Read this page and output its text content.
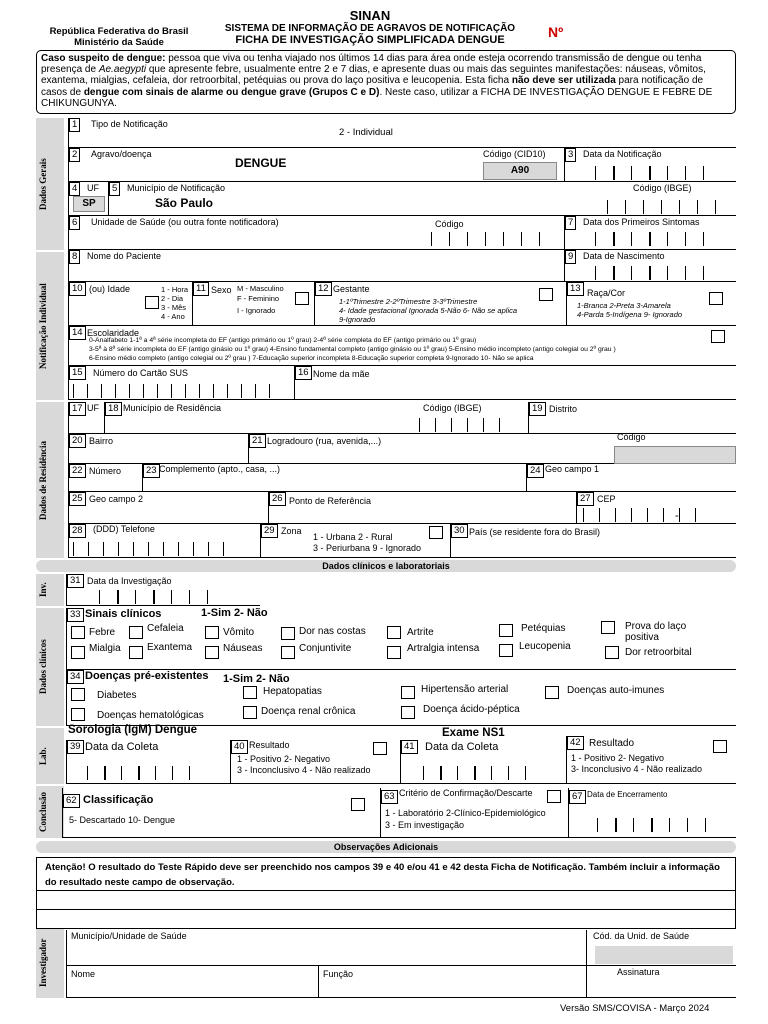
República Federativa do Brasil
Ministério da Saúde
SINAN
SISTEMA DE INFORMAÇÃO DE AGRAVOS DE NOTIFICAÇÃO
FICHA DE INVESTIGAÇÃO SIMPLIFICADA DENGUE	Nº
Caso suspeito de dengue: pessoa que viva ou tenha viajado nos últimos 14 dias para área onde esteja ocorrendo transmissão de dengue ou tenha presença de Ae.aegypti que apresente febre, usualmente entre 2 e 7 dias, e apresente duas ou mais das seguintes manifestações: náuseas, vômitos, exantema, mialgias, cefaleia, dor retroorbital, petéquias ou prova do laço positiva e leucopenia. Esta ficha não deve ser utilizada para notificação de casos de dengue com sinais de alarme ou dengue grave (Grupos C e D). Neste caso, utilizar a FICHA DE INVESTIGAÇÃO DENGUE E FEBRE DE CHIKUNGUNYA.
Dados Gerais
Notificação Individual
Dados de Residência
Dados clínicos e laboratoriais
Inv.
Dados clínicos
Lab.
Conclusão
Observações Adicionais
Investigador
1	Tipo de Notificação
2 - Individual
2	Agravo/doença
DENGUE
Código (CID10)
A90
3	Data da Notificação
4	UF
SP
5	Município de Notificação
São Paulo
Código (IBGE)
6	Unidade de Saúde (ou outra fonte notificadora)	Código	7	Data dos Primeiros Sintomas
8	Nome do Paciente	9	Data de Nascimento
10 (ou) Idade	1 - Hora
2 - Dia
3 - Mês
4 - Ano
11 Sexo M - Masculino
F - Feminino
I - Ignorado
12 Gestante
1-1ºTrimestre 2-2ºTrimestre 3-3ºTrimestre
4- Idade gestacional Ignorada 5-Não 6- Não se aplica
9-Ignorado
13 Raça/Cor
1-Branca 2-Preta 3-Amarela
4-Parda 5-Indígena 9- Ignorado
14 Escolaridade
0-Analfabeto 1-1ª a 4ª série incompleta do EF (antigo primário ou 1º grau) 2-4ª série completa do EF (antigo primário ou 1º grau)
3-5ª à 8ª série incompleta do EF (antigo ginásio ou 1º grau) 4-Ensino fundamental completo (antigo ginásio ou 1º grau) 5-Ensino médio incompleto (antigo colegial ou 2º grau )
6-Ensino médio completo (antigo colegial ou 2º grau ) 7-Educação superior incompleta 8-Educação superior completa 9-Ignorado 10- Não se aplica
15	Número do Cartão SUS	16 Nome da mãe
17 UF 18 Município de Residência	Código (IBGE)	19 Distrito
20 Bairro	21 Logradouro (rua, avenida,...)	Código
22 Número	23 Complemento (apto., casa, ...)	24 Geo campo 1
25 Geo campo 2	26 Ponto de Referência	27 CEP
-
28	(DDD) Telefone	29 Zona
1 - Urbana 2 - Rural
3 - Periurbana 9 - Ignorado
30 País (se residente fora do Brasil)
31 Data da Investigação
33 Sinais clínicos	1-Sim 2- Não
Febre	Cefaleia	Vômito	Dor nas costas	Artrite	Petéquias	Prova do laço positiva
Mialgia	Exantema	Náuseas	Conjuntivite	Artralgia intensa	Leucopenia
Dor retroorbital
34 Doenças pré-existentes 1-Sim 2- Não
Diabetes	Hepatopatias	Hipertensão arterial	Doenças auto-imunes
Doenças hematológicas	Doença renal crônica	Doença ácido-péptica
Sorologia (IgM) Dengue	Exame NS1
39 Data da Coleta	40 Resultado
1 - Positivo 2- Negativo
3 - Inconclusivo 4 - Não realizado
41 Data da Coleta	42 Resultado
1 - Positivo 2- Negativo
3- Inconclusivo 4 - Não realizado
62 Classificação
5- Descartado 10- Dengue
63 Critério de Confirmação/Descarte
1 - Laboratório 2-Clínico-Epidemiológico
3 - Em investigação
67 Data de Encerramento
Atenção! O resultado do Teste Rápido deve ser preenchido nos campos 39 e 40 e/ou 41 e 42 desta Ficha de Notificação. Também incluir a informação do resultado neste campo de observação.
Município/Unidade de Saúde	Cód. da Unid. de Saúde
Nome	Função	Assinatura
Versão SMS/COVISA - Março 2024
